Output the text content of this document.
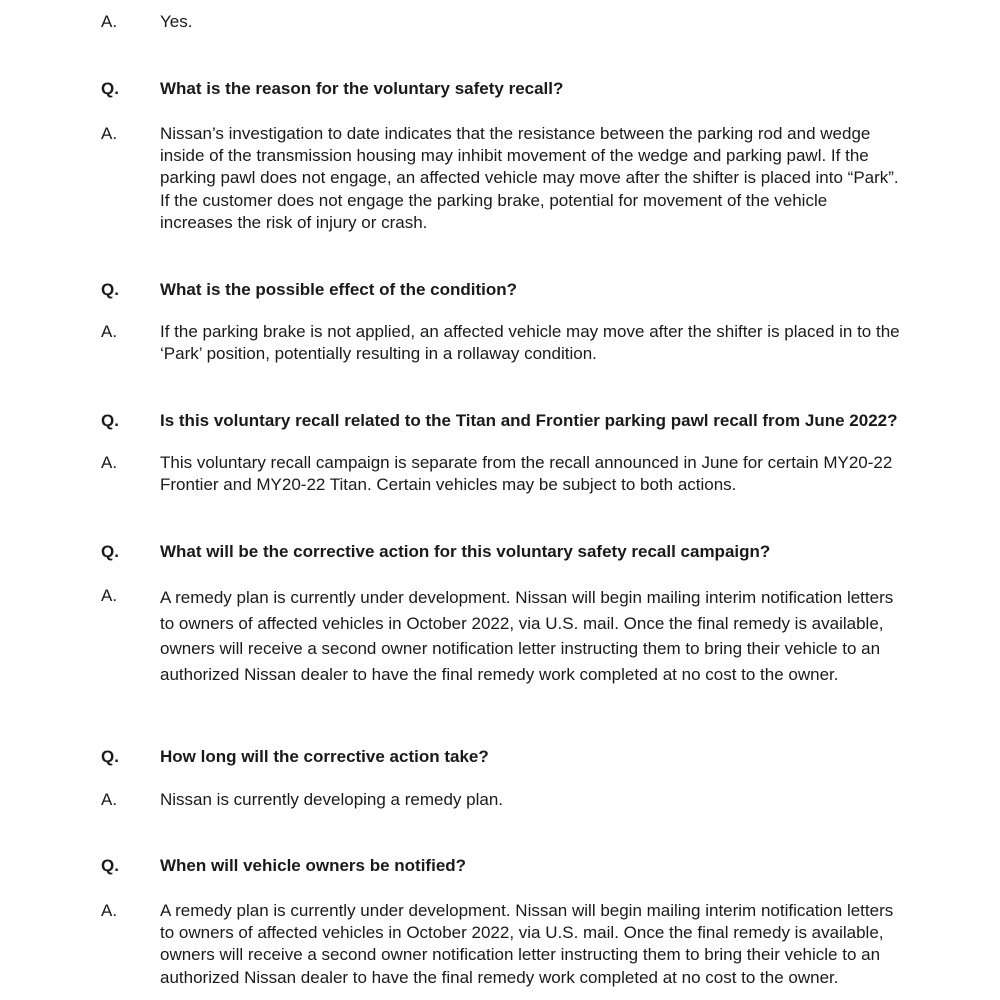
A.	Yes.
Q. What is the reason for the voluntary safety recall?
A.	Nissan’s investigation to date indicates that the resistance between the parking rod and wedge
inside of the transmission housing may inhibit movement of the wedge and parking pawl. If the
parking pawl does not engage, an affected vehicle may move after the shifter is placed into “Park”.
If the customer does not engage the parking brake, potential for movement of the vehicle
increases the risk of injury or crash.
Q. What is the possible effect of the condition?
A.	If the parking brake is not applied, an affected vehicle may move after the shifter is placed in to the
‘Park’ position, potentially resulting in a rollaway condition.
Q. Is this voluntary recall related to the Titan and Frontier parking pawl recall from June 2022?
A.	This voluntary recall campaign is separate from the recall announced in June for certain MY20-22
Frontier and MY20-22 Titan. Certain vehicles may be subject to both actions.
Q. What will be the corrective action for this voluntary safety recall campaign?
A.	A remedy plan is currently under development. Nissan will begin mailing interim notification letters
to owners of affected vehicles in October 2022, via U.S. mail. Once the final remedy is available,
owners will receive a second owner notification letter instructing them to bring their vehicle to an
authorized Nissan dealer to have the final remedy work completed at no cost to the owner.
Q. How long will the corrective action take?
A.	Nissan is currently developing a remedy plan.
Q. When will vehicle owners be notified?
A.	A remedy plan is currently under development. Nissan will begin mailing interim notification letters
to owners of affected vehicles in October 2022, via U.S. mail. Once the final remedy is available,
owners will receive a second owner notification letter instructing them to bring their vehicle to an
authorized Nissan dealer to have the final remedy work completed at no cost to the owner.
